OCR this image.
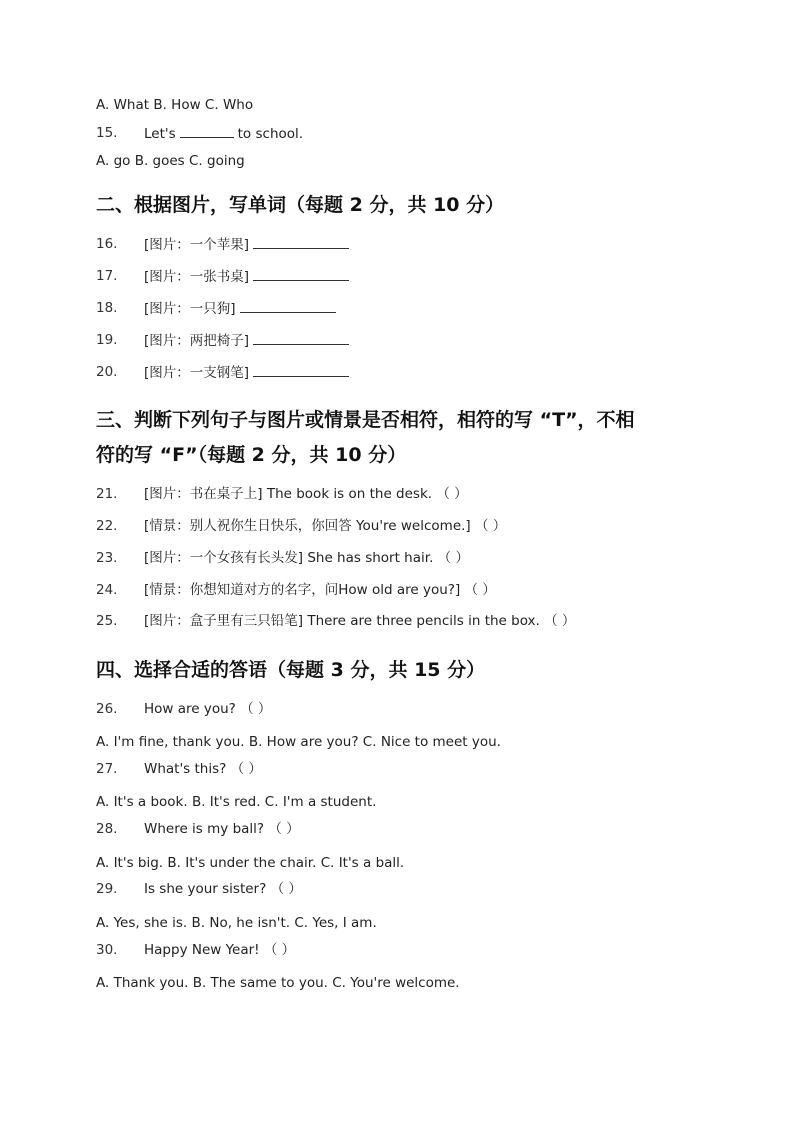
A. What B. How C. Who
15.	Let's	to school.
A. go B. goes C. going
二、根据图片，写单词（每题 2 分，共 10 分）
16.	[图片：一个苹果]
17.	[图片：一张书桌]
18.	[图片：一只狗]
19.	[图片：两把椅子]
20.	[图片：一支钢笔]
三、判断下列句子与图片或情景是否相符，相符的写 “T”，不相
符的写 “F”（每题 2 分，共 10 分）
21.	[图片：书在桌子上] The book is on the desk. （ ）
22.	[情景：别人祝你生日快乐，你回答 You're welcome.] （ ）
23.	[图片：一个女孩有长头发] She has short hair. （ ）
24.	[情景：你想知道对方的名字，问How old are you?] （ ）
25.	[图片：盒子里有三只铅笔] There are three pencils in the box. （ ）
四、选择合适的答语（每题 3 分，共 15 分）
26.	How are you? （ ）
A. I'm fine, thank you. B. How are you? C. Nice to meet you.
27.	What's this? （ ）
A. It's a book. B. It's red. C. I'm a student.
28.	Where is my ball? （ ）
A. It's big. B. It's under the chair. C. It's a ball.
29.	Is she your sister? （ ）
A. Yes, she is. B. No, he isn't. C. Yes, I am.
30.	Happy New Year! （ ）
A. Thank you. B. The same to you. C. You're welcome.
